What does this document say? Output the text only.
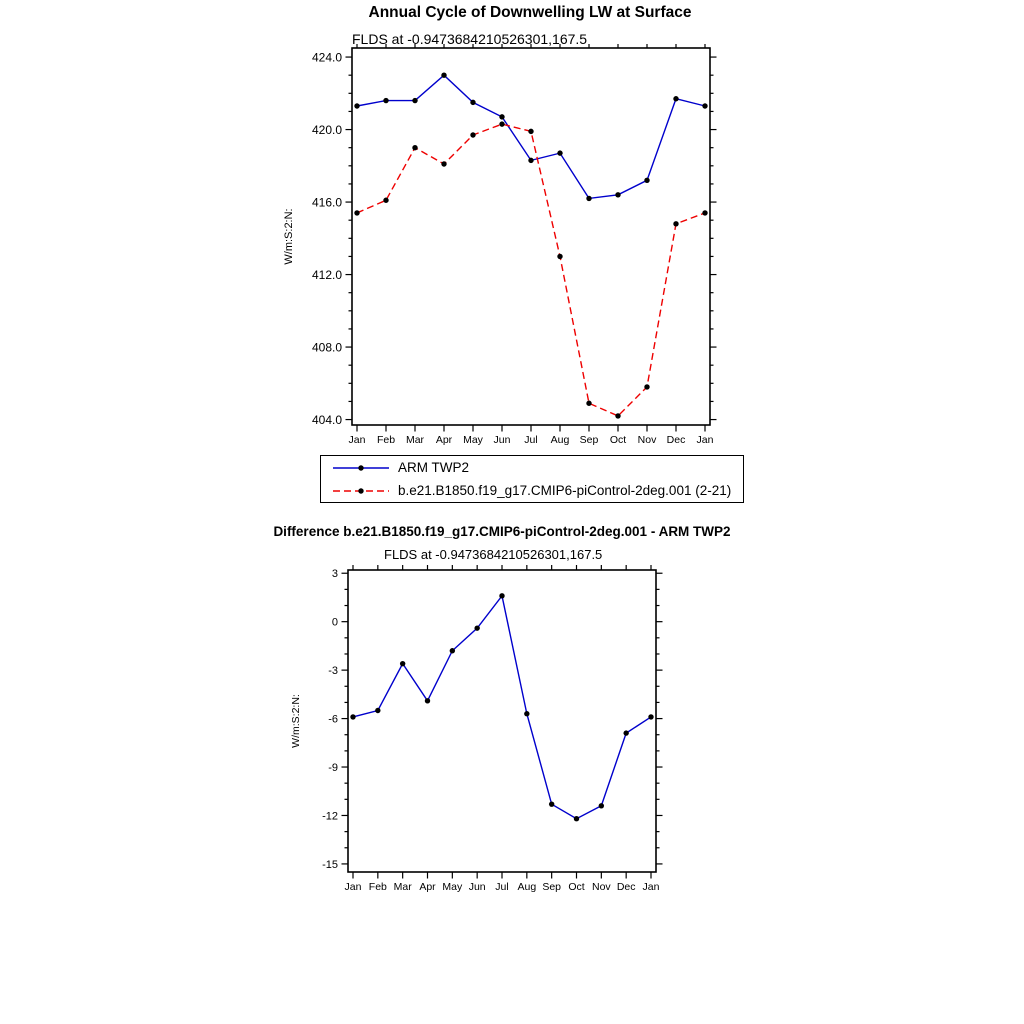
Annual Cycle of Downwelling LW at Surface
FLDS at -0.9473684210526301,167.5
404.0
408.0
412.0
416.0
420.0
424.0
Jan Feb Mar Apr May Jun Jul Aug Sep Oct Nov Dec Jan
W/m:S:2:N:
ARM TWP2
b.e21.B1850.f19_g17.CMIP6-piControl-2deg.001 (2-21)
Difference b.e21.B1850.f19_g17.CMIP6-piControl-2deg.001 - ARM TWP2
FLDS at -0.9473684210526301,167.5
-15
-12
-9
-6
-3
0
3
Jan Feb Mar Apr May Jun Jul Aug Sep Oct Nov Dec Jan
W/m:S:2:N:
